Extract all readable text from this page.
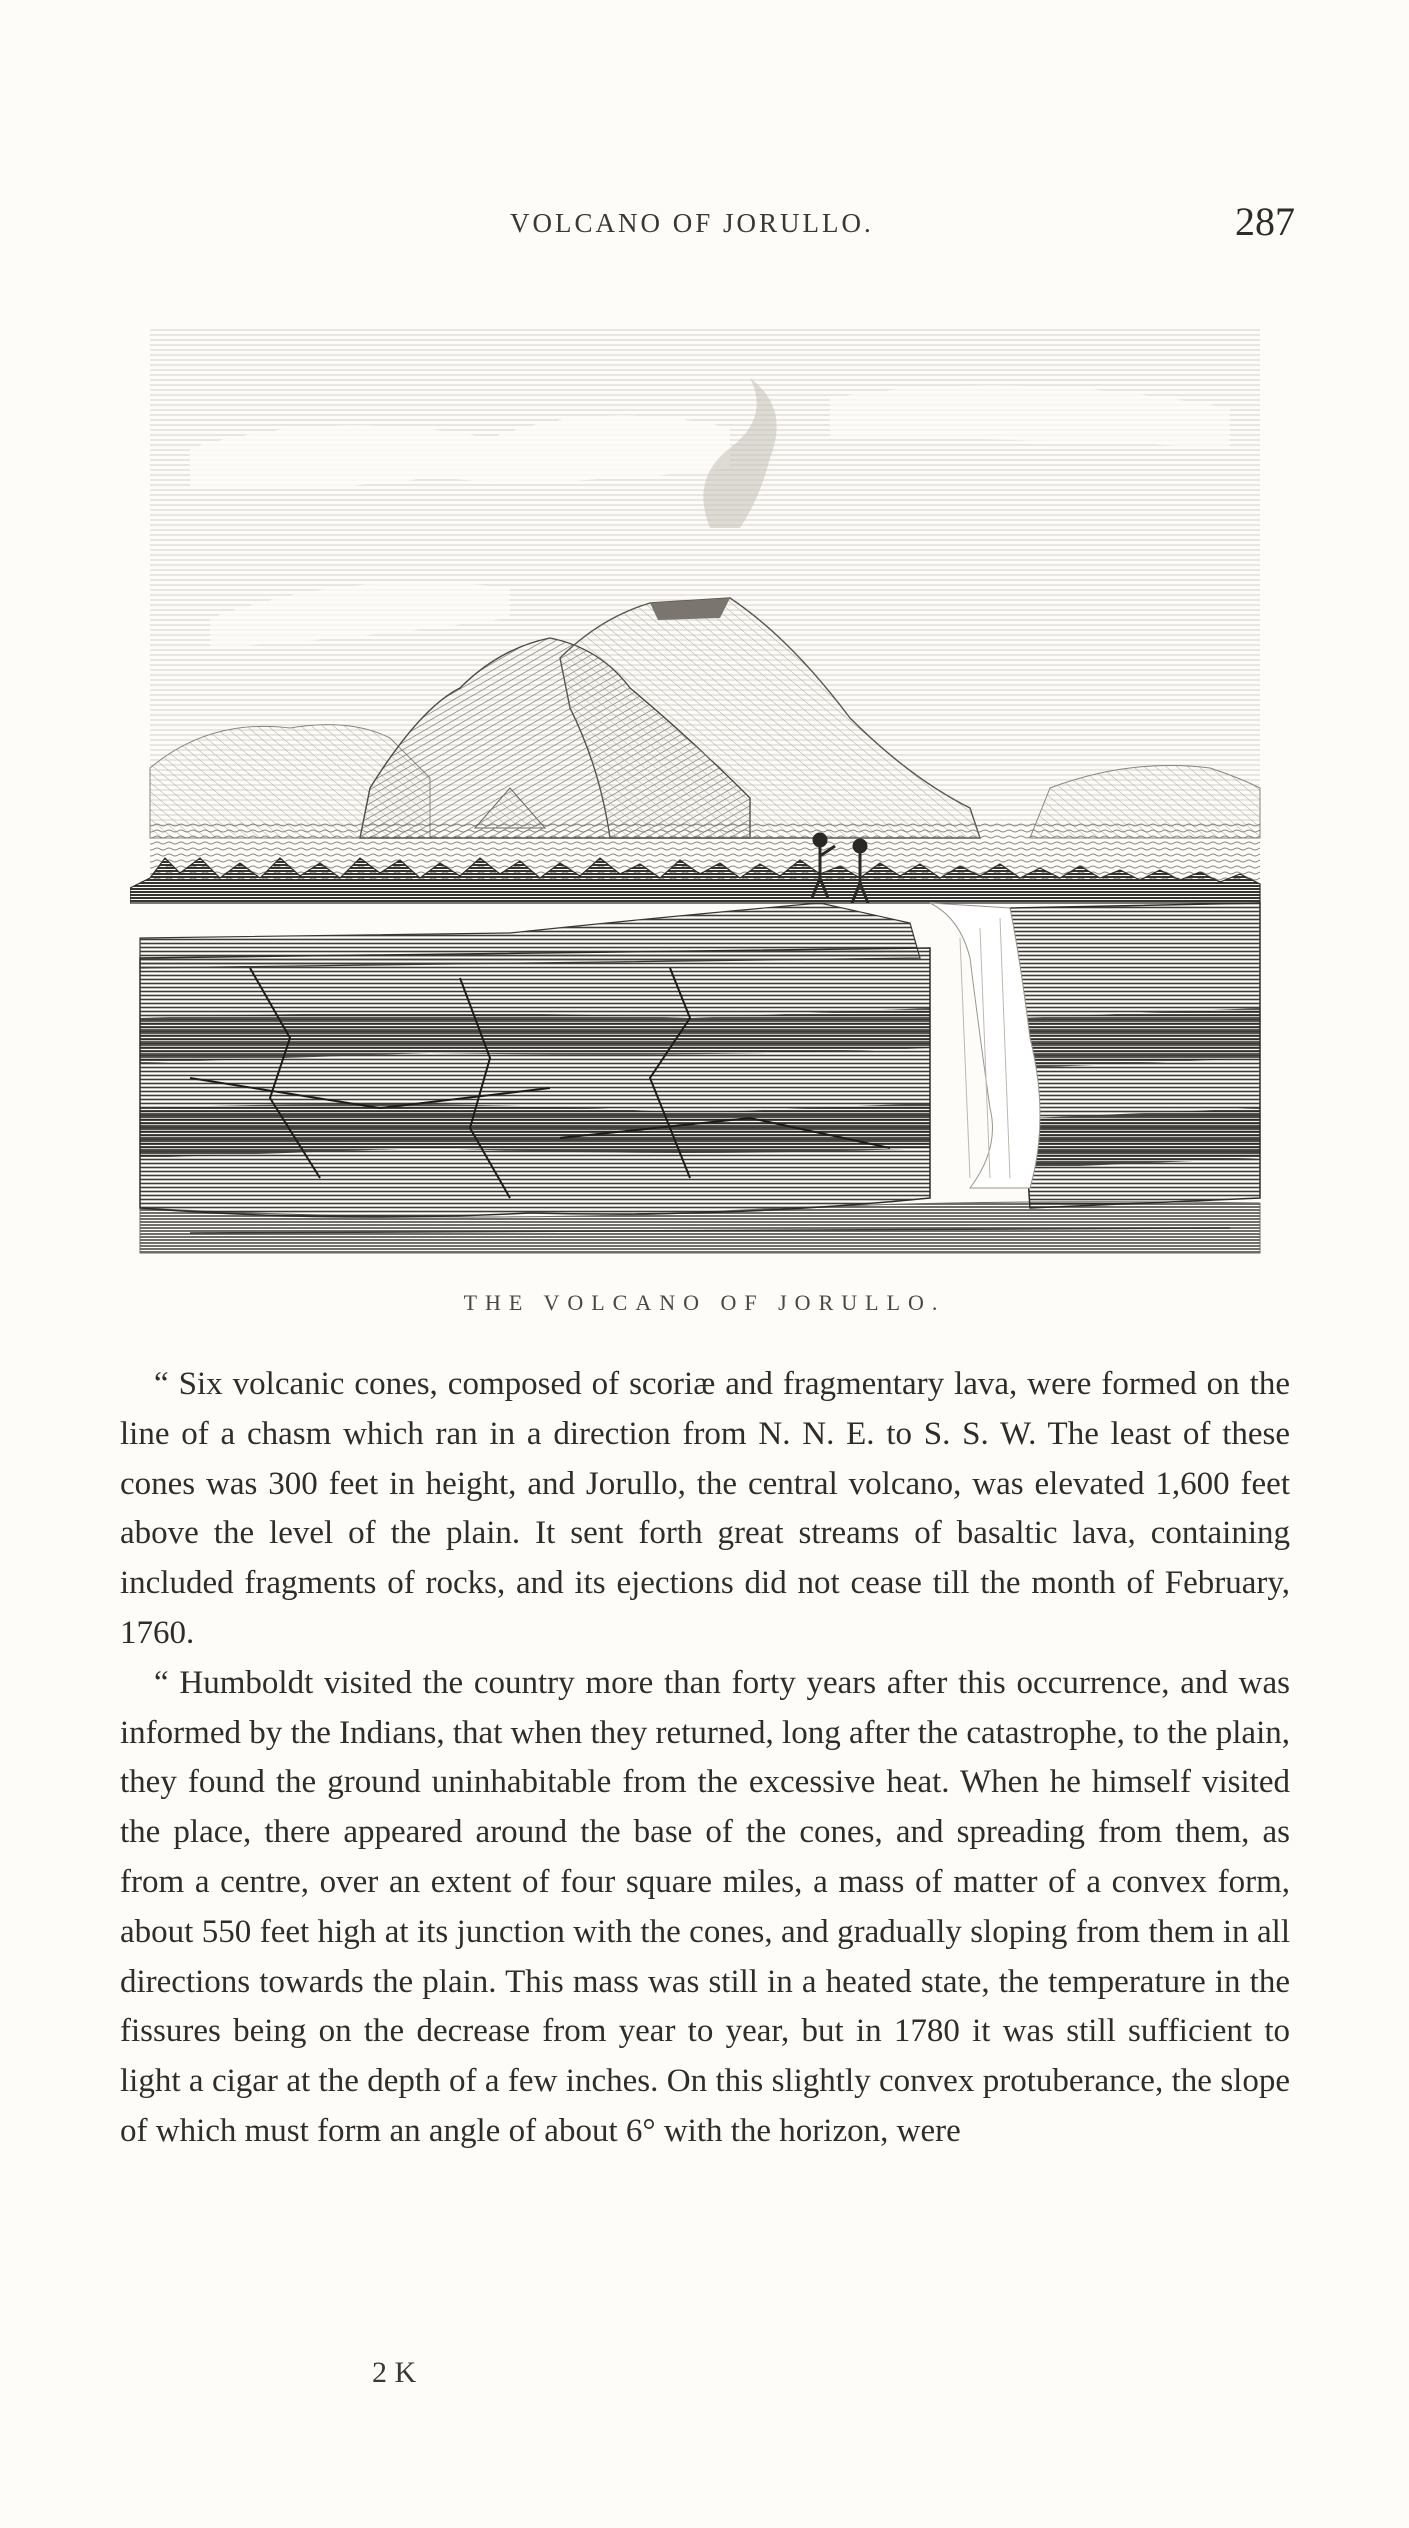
VOLCANO OF JORULLO.	287
THE VOLCANO OF JORULLO.

“ Six volcanic cones, composed of scoriæ and fragmentary lava, were formed on the line of a chasm which ran in a direction from N. N. E. to S. S. W. The least of these cones was 300 feet in height, and Jorullo, the central volcano, was elevated 1,600 feet above the level of the plain. It sent forth great streams of basaltic lava, containing included fragments of rocks, and its ejections did not cease till the month of February, 1760.

“ Humboldt visited the country more than forty years after this occurrence, and was informed by the Indians, that when they returned, long after the catastrophe, to the plain, they found the ground uninhabitable from the excessive heat. When he himself visited the place, there appeared around the base of the cones, and spreading from them, as from a centre, over an extent of four square miles, a mass of matter of a convex form, about 550 feet high at its junction with the cones, and gradually sloping from them in all directions towards the plain. This mass was still in a heated state, the temperature in the fissures being on the decrease from year to year, but in 1780 it was still sufficient to light a cigar at the depth of a few inches. On this slightly convex protuberance, the slope of which must form an angle of about 6° with the horizon, were

2 K
